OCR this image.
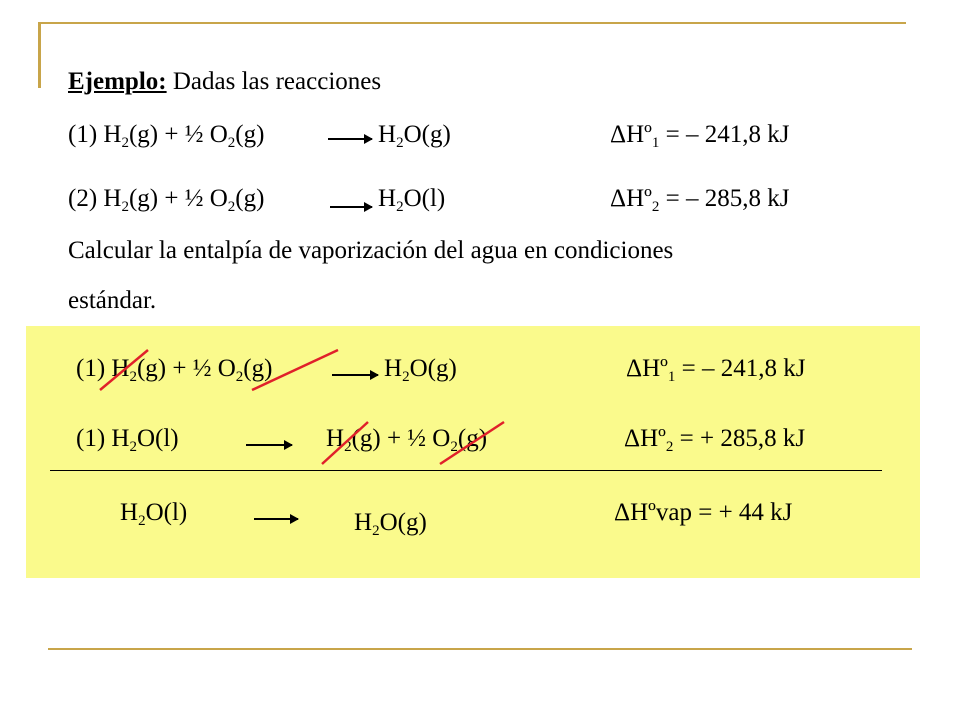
Ejemplo: Dadas las reacciones
(1) $H_2(g)$ + ½ $O_2(g)$	$H_2O(g)$	ΔHº$_1$ = – 241,8 kJ
(2) $H_2(g)$ + ½ $O_2(g)$	$H_2O(l)$	ΔHº$_2$ = – 285,8 kJ
Calcular la entalpía de vaporización del agua en condiciones
estándar.
(1) $H_2(g)$ + ½ $O_2(g)$	$H_2O(g)$	ΔHº$_1$ = – 241,8 kJ
(1) $H_2O(l)$	$H_2(g)$ + ½ $O_2(g)$	ΔHº$_2$ = + 285,8 kJ
$H_2O(l)$	$H_2O(g)$	ΔHºvap = + 44 kJ
